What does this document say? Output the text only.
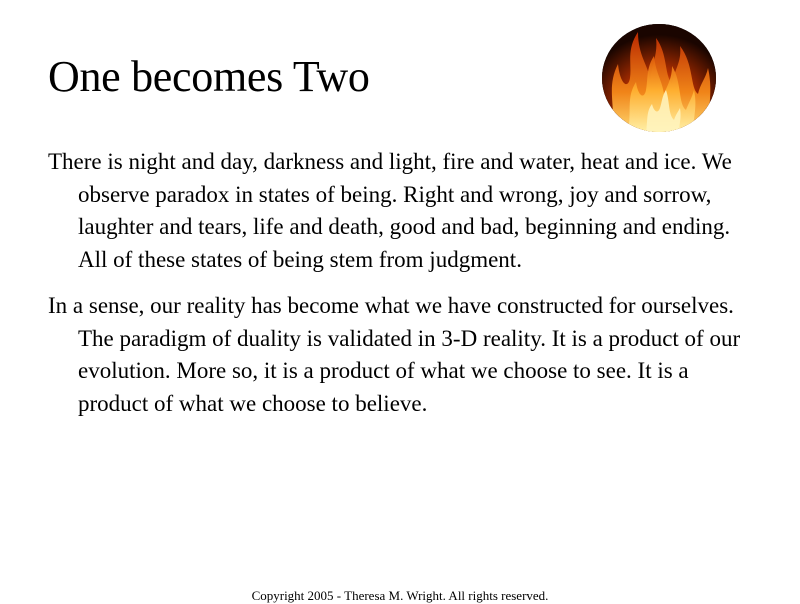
One becomes Two

There is night and day, darkness and light, fire and water, heat and ice. We observe paradox in states of being. Right and wrong, joy and sorrow, laughter and tears, life and death, good and bad, beginning and ending. All of these states of being stem from judgment.

In a sense, our reality has become what we have constructed for ourselves. The paradigm of duality is validated in 3-D reality. It is a product of our evolution. More so, it is a product of what we choose to see. It is a product of what we choose to believe.

Copyright 2005 - Theresa M. Wright. All rights reserved.
